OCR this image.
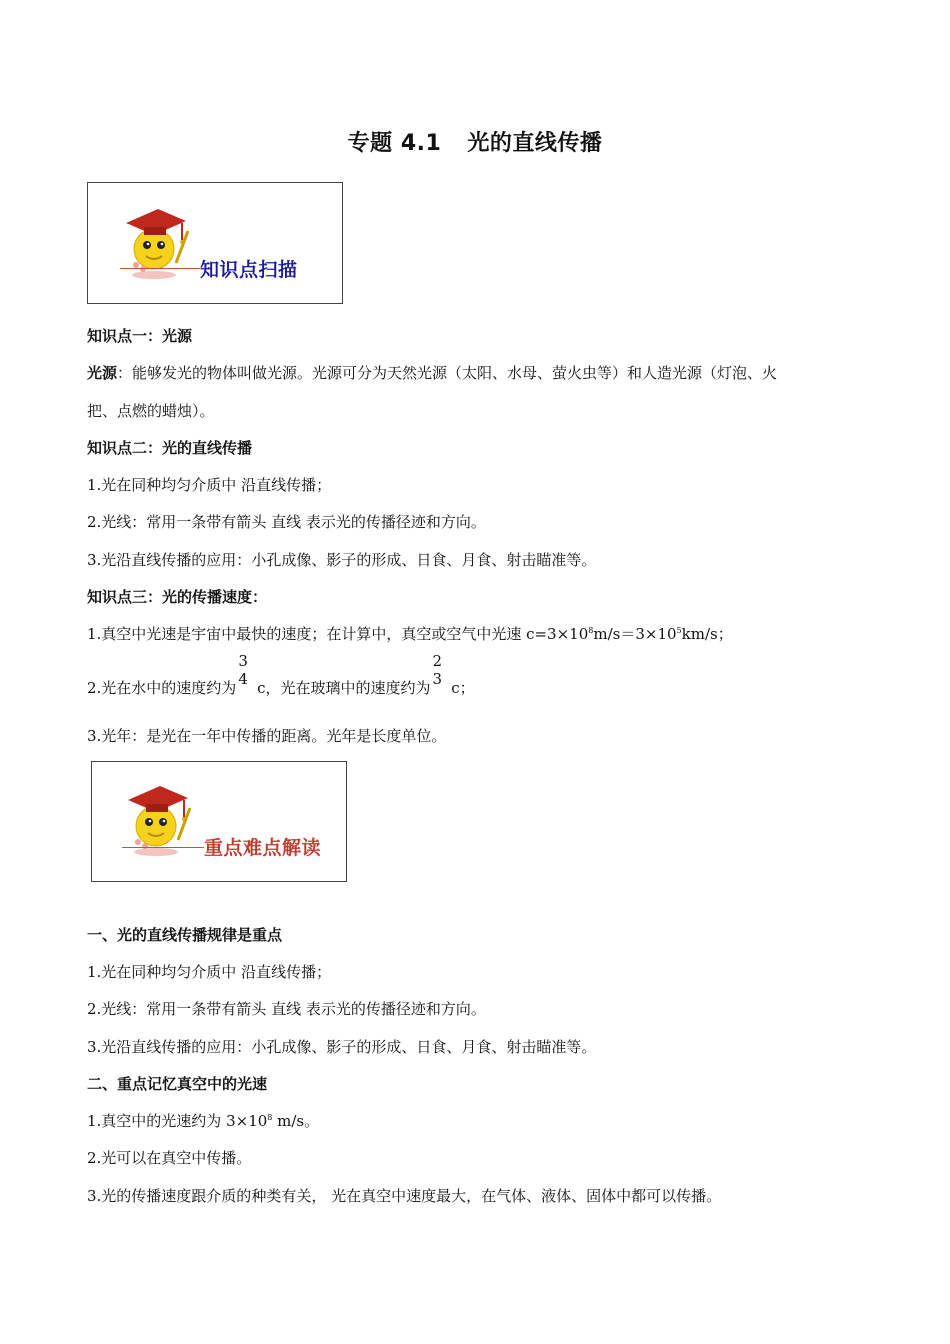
专题 4.1 光的直线传播
知识点扫描
知识点一：光源
光源：能够发光的物体叫做光源。光源可分为天然光源（太阳、水母、萤火虫等）和人造光源（灯泡、火
把、点燃的蜡烛）。
知识点二：光的直线传播
1.光在同种均匀介质中 沿直线传播；
2.光线：常用一条带有箭头 直线 表示光的传播径迹和方向。
3.光沿直线传播的应用：小孔成像、影子的形成、日食、月食、射击瞄准等。
知识点三：光的传播速度：
1.真空中光速是宇宙中最快的速度；在计算中，真空或空气中光速 $c=3\times 10^8m/s=3\times 10^5km/s$；
2.光在水中的速度约为
3
4 c，光在玻璃中的速度约为
2
3 c；
3.光年：是光在一年中传播的距离。光年是长度单位。
重点难点解读
一、光的直线传播规律是重点
1.光在同种均匀介质中 沿直线传播；
2.光线：常用一条带有箭头 直线 表示光的传播径迹和方向。
3.光沿直线传播的应用：小孔成像、影子的形成、日食、月食、射击瞄准等。
二、重点记忆真空中的光速
1.真空中的光速约为 $3\times 10^8$ m/s。
2.光可以在真空中传播。
3.光的传播速度跟介质的种类有关， 光在真空中速度最大，在气体、液体、固体中都可以传播。
